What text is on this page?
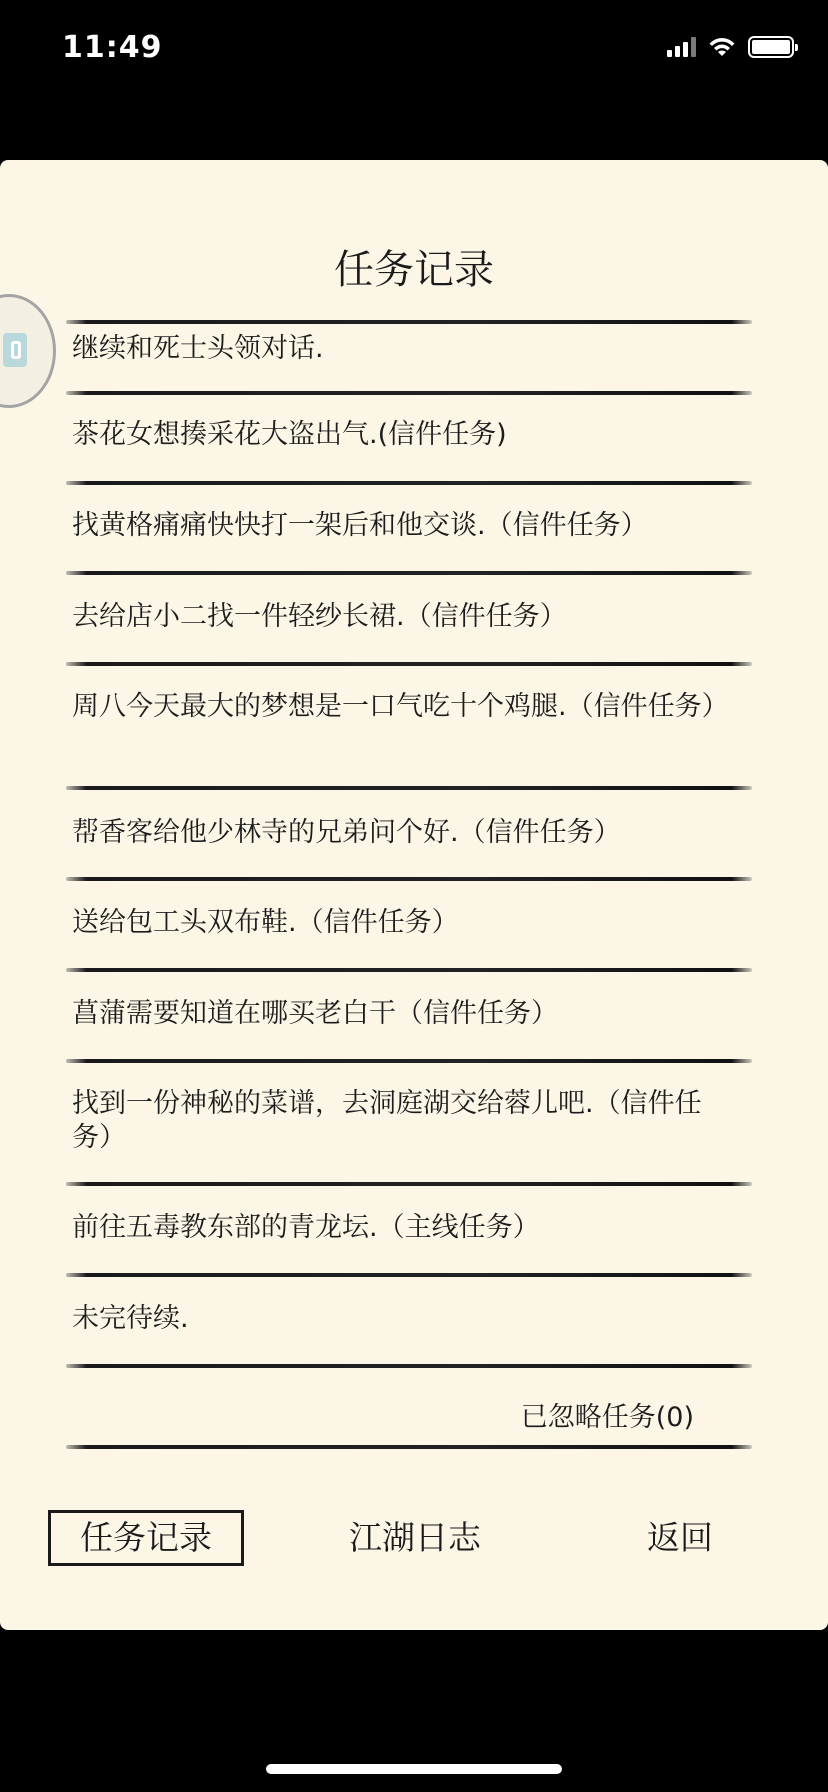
11:49
任务记录
继续和死士头领对话.
茶花女想揍采花大盗出气.(信件任务)
找黄格痛痛快快打一架后和他交谈.（信件任务）
去给店小二找一件轻纱长裙.（信件任务）
周八今天最大的梦想是一口气吃十个鸡腿.（信件任务）
帮香客给他少林寺的兄弟问个好.（信件任务）
送给包工头双布鞋.（信件任务）
菖蒲需要知道在哪买老白干（信件任务）
找到一份神秘的菜谱，去洞庭湖交给蓉儿吧.（信件任务）
前往五毒教东部的青龙坛.（主线任务）
未完待续.
已忽略任务(0)
任务记录	江湖日志	返回
